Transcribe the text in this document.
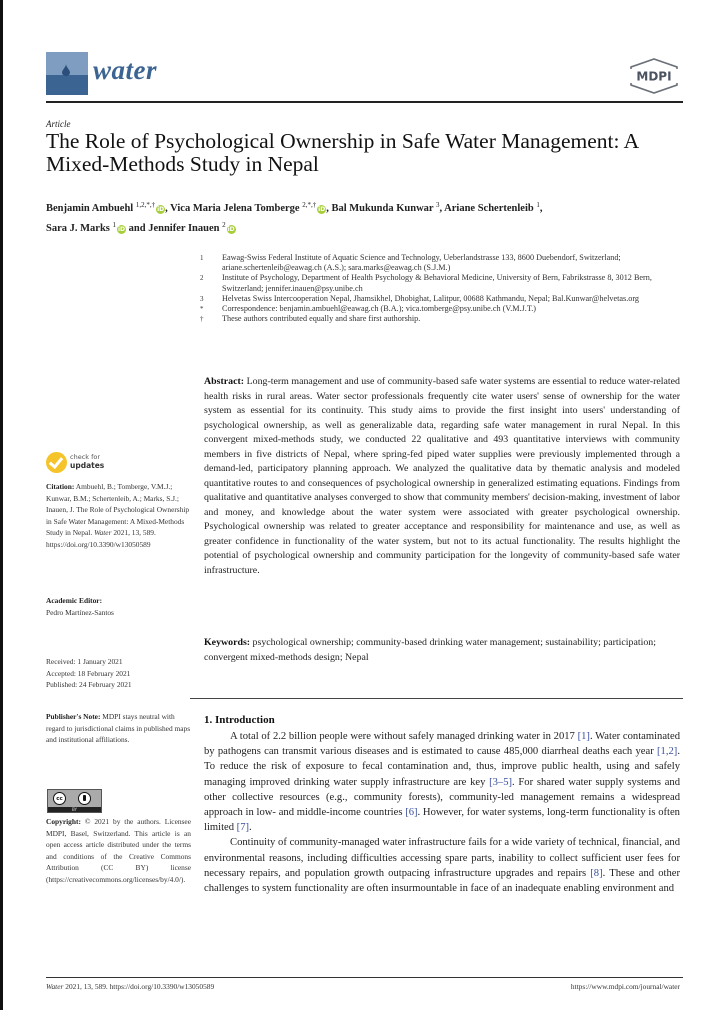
water	MDPI
Article
The Role of Psychological Ownership in Safe Water Management: A Mixed-Methods Study in Nepal
Benjamin Ambuehl $^{1,2,*,\dagger}$iD, Vica Maria Jelena Tomberge $^{2,*,\dagger}$iD, Bal Mukunda Kunwar $^3$, Ariane Schertenleib $^1$,
Sara J. Marks $^1$iD and Jennifer Inauen $^2$iD
1	Eawag-Swiss Federal Institute of Aquatic Science and Technology, Ueberlandstrasse 133, 8600 Duebendorf, Switzerland; ariane.schertenleib@eawag.ch (A.S.); sara.marks@eawag.ch (S.J.M.)
2	Institute of Psychology, Department of Health Psychology & Behavioral Medicine, University of Bern, Fabrikstrasse 8, 3012 Bern, Switzerland; jennifer.inauen@psy.unibe.ch
3	Helvetas Swiss Intercooperation Nepal, Jhamsikhel, Dhobighat, Lalitpur, 00688 Kathmandu, Nepal; Bal.Kunwar@helvetas.org
*	Correspondence: benjamin.ambuehl@eawag.ch (B.A.); vica.tomberge@psy.unibe.ch (V.M.J.T.)
†	These authors contributed equally and share first authorship.
Abstract: Long-term management and use of community-based safe water systems are essential to reduce water-related health risks in rural areas. Water sector professionals frequently cite water users' sense of ownership for the water system as essential for its continuity. This study aims to provide the first insight into users' understanding of psychological ownership, as well as generalizable data, regarding safe water management in rural Nepal. In this convergent mixed-methods study, we conducted 22 qualitative and 493 quantitative interviews with community members in five districts of Nepal, where spring-fed piped water supplies were previously implemented through a demand-led, participatory planning approach. We analyzed the qualitative data by thematic analysis and modeled quantitative routes to and consequences of psychological ownership in generalized estimating equations. Findings from qualitative and quantitative analyses converged to show that community members' decision-making, investment of labor and money, and knowledge about the water system were associated with greater psychological ownership. Psychological ownership was related to greater acceptance and responsibility for maintenance and use, as well as greater confidence in functionality of the water system, but not to its actual functionality. The results highlight the potential of psychological ownership and community participation for the longevity of community-based safe water infrastructure.
Keywords: psychological ownership; community-based drinking water management; sustainability; participation; convergent mixed-methods design; Nepal
check for
updates
Citation: Ambuehl, B.; Tomberge, V.M.J.; Kunwar, B.M.; Schertenleib, A.; Marks, S.J.; Inauen, J. The Role of Psychological Ownership in Safe Water Management: A Mixed-Methods Study in Nepal. Water 2021, 13, 589. https://doi.org/10.3390/w13050589
Academic Editor:
Pedro Martínez-Santos
Received: 1 January 2021
Accepted: 18 February 2021
Published: 24 February 2021
Publisher's Note: MDPI stays neutral with regard to jurisdictional claims in published maps and institutional affiliations.
cc
BY
Copyright: © 2021 by the authors. Licensee MDPI, Basel, Switzerland. This article is an open access article distributed under the terms and conditions of the Creative Commons Attribution (CC BY) license (https://creativecommons.org/licenses/by/4.0/).
1. Introduction

A total of 2.2 billion people were without safely managed drinking water in 2017 [1]. Water contaminated by pathogens can transmit various diseases and is estimated to cause 485,000 diarrheal deaths each year [1,2]. To reduce the risk of exposure to fecal contamination and, thus, improve public health, using and safely managing improved drinking water supply infrastructure are key [3–5]. For shared water supply systems and other collective resources (e.g., community forests), community-led management remains a widespread approach in low- and middle-income countries [6]. However, for water systems, long-term functionality is often limited [7].

Continuity of community-managed water infrastructure fails for a wide variety of technical, financial, and environmental reasons, including difficulties accessing spare parts, inability to collect sufficient user fees for necessary repairs, and population growth outpacing infrastructure upgrades and repairs [8]. These and other challenges to system functionality are often insurmountable in face of an inadequate enabling environment and

Water 2021, 13, 589. https://doi.org/10.3390/w13050589	https://www.mdpi.com/journal/water
